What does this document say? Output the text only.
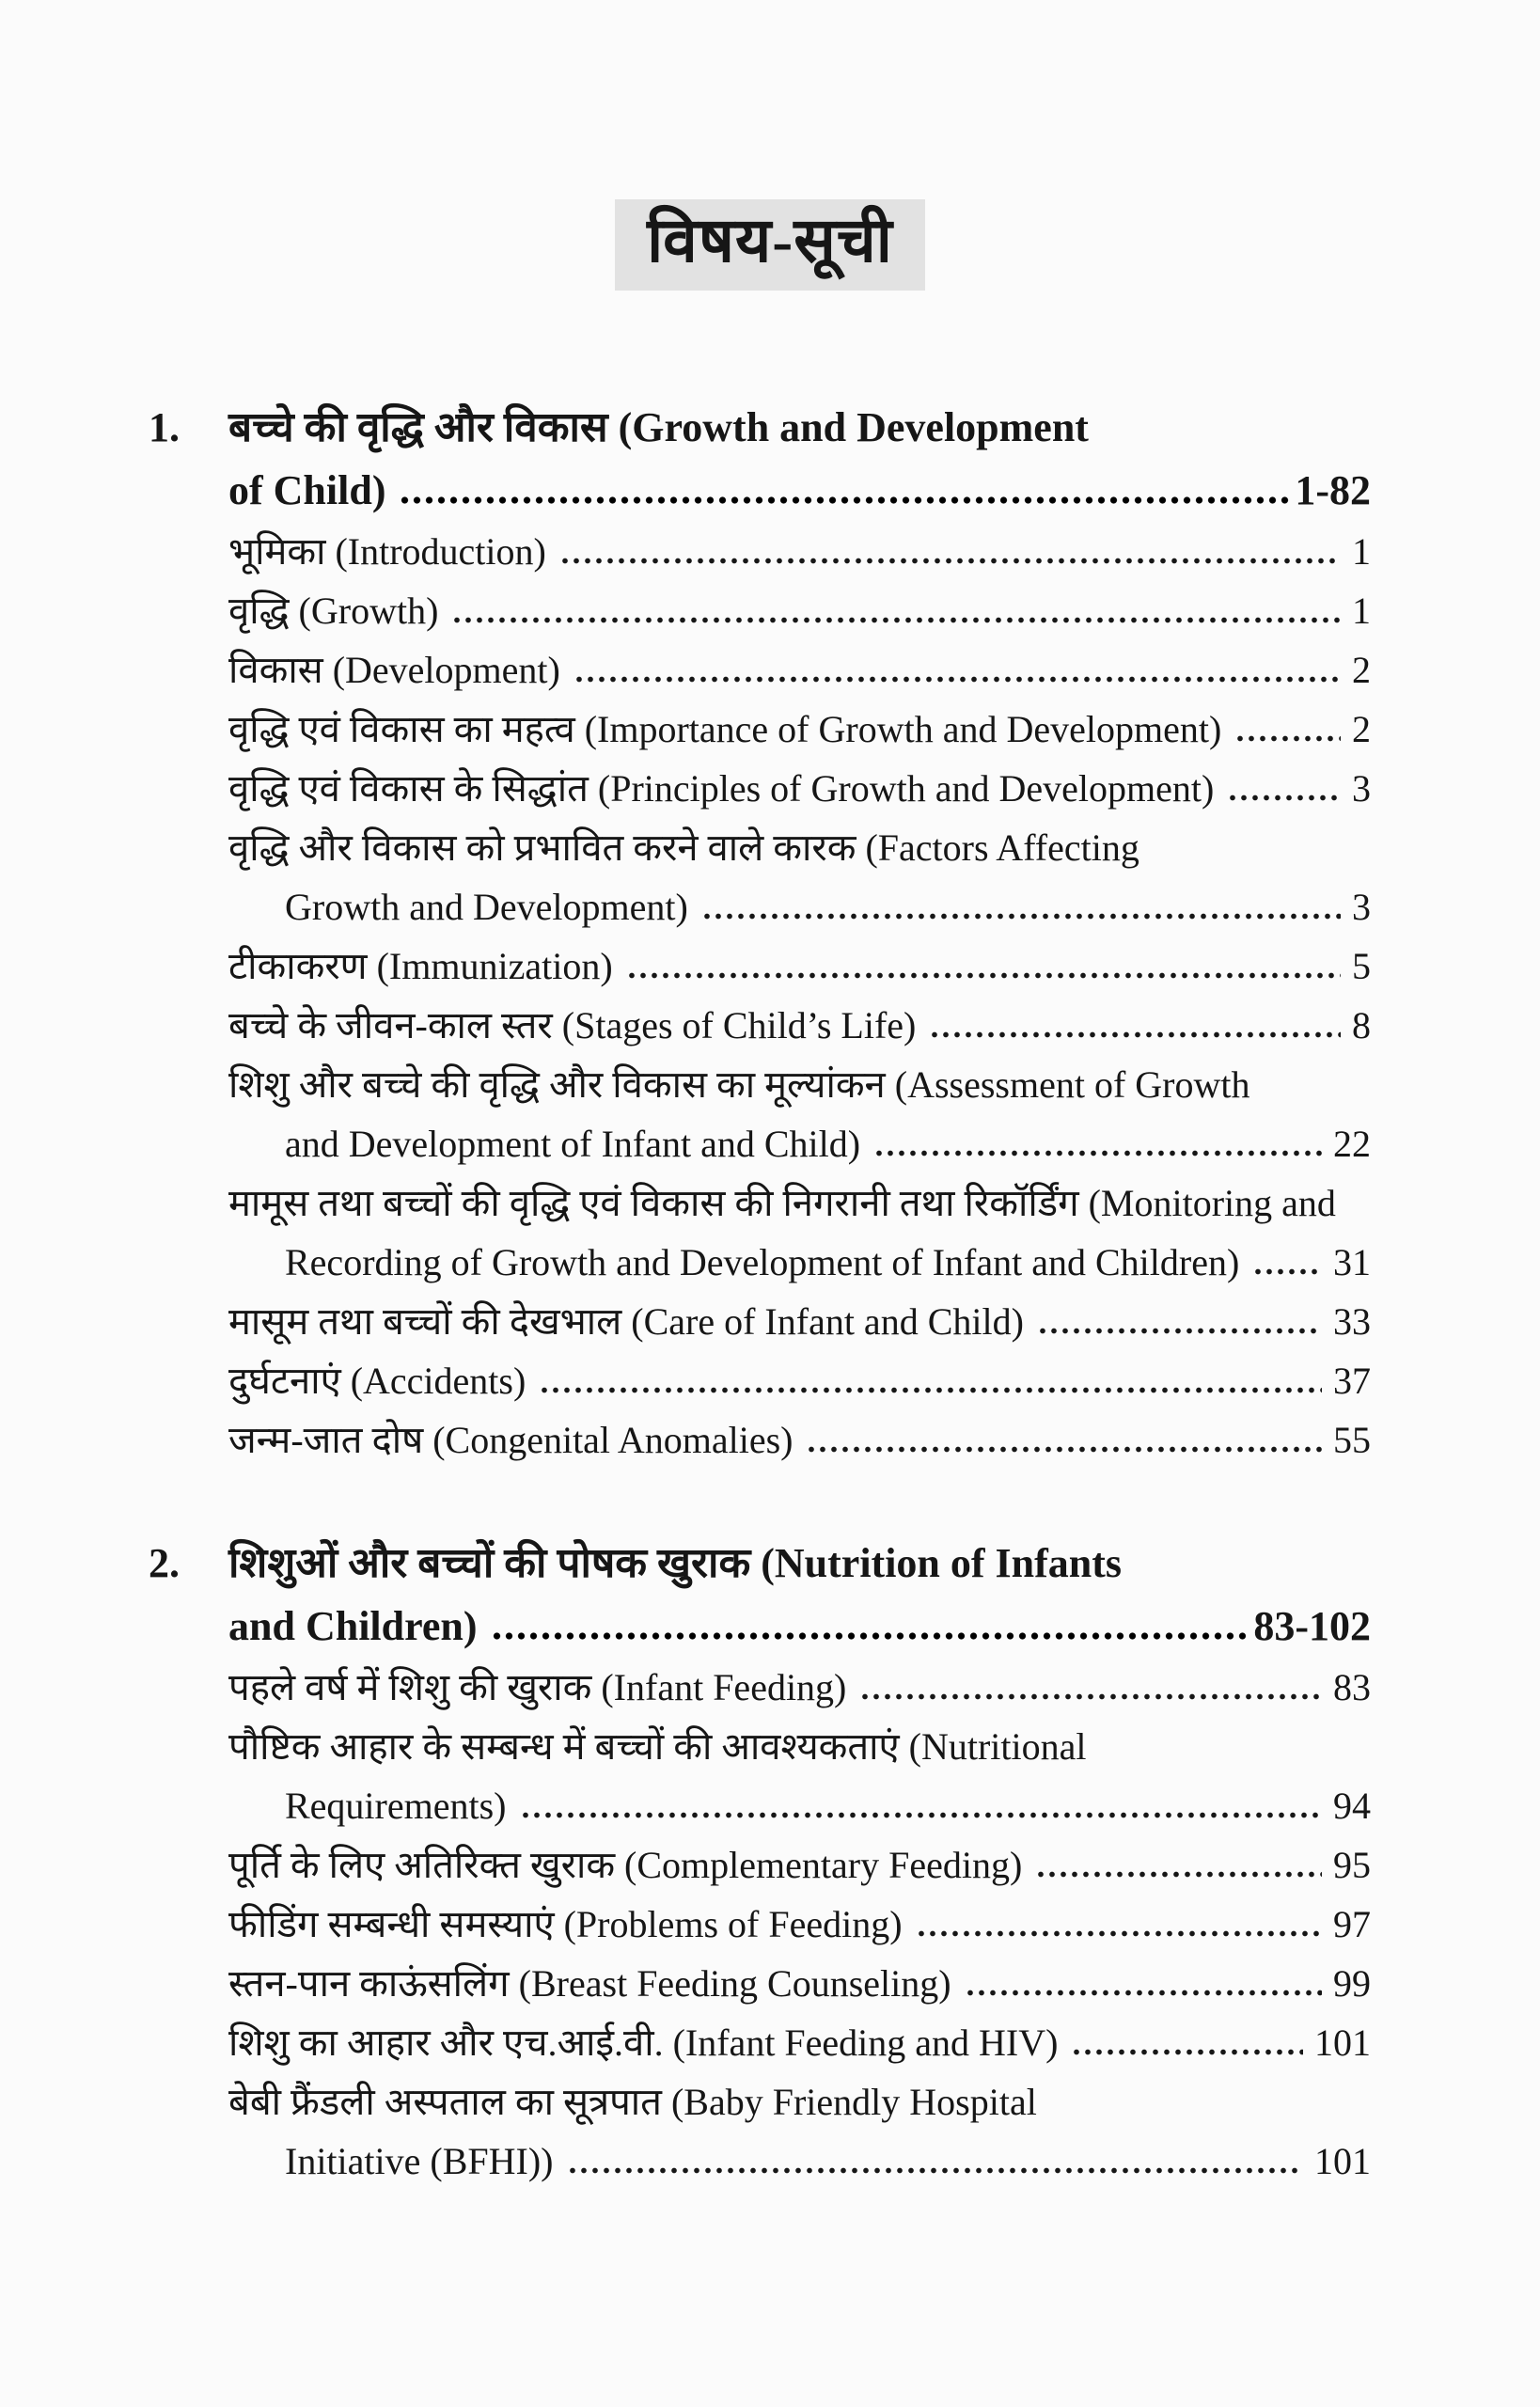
विषय-सूची
1. बच्चे की वृद्धि और विकास (Growth and Development
of Child)	1-82
भूमिका (Introduction)	1
वृद्धि (Growth)	1
विकास (Development)	2
वृद्धि एवं विकास का महत्व (Importance of Growth and Development)	2
वृद्धि एवं विकास के सिद्धांत (Principles of Growth and Development)	3
वृद्धि और विकास को प्रभावित करने वाले कारक (Factors Affecting
Growth and Development)	3
टीकाकरण (Immunization)	5
बच्चे के जीवन-काल स्तर (Stages of Child’s Life)	8
शिशु और बच्चे की वृद्धि और विकास का मूल्यांकन (Assessment of Growth
and Development of Infant and Child)	22
मामूस तथा बच्चों की वृद्धि एवं विकास की निगरानी तथा रिकॉर्डिंग (Monitoring and
Recording of Growth and Development of Infant and Children) 31
मासूम तथा बच्चों की देखभाल (Care of Infant and Child)	33
दुर्घटनाएं (Accidents)	37
जन्म-जात दोष (Congenital Anomalies)	55
2. शिशुओं और बच्चों की पोषक खुराक (Nutrition of Infants
and Children)	83-102
पहले वर्ष में शिशु की खुराक (Infant Feeding)	83
पौष्टिक आहार के सम्बन्ध में बच्चों की आवश्यकताएं (Nutritional
Requirements)	94
पूर्ति के लिए अतिरिक्त खुराक (Complementary Feeding)	95
फीडिंग सम्बन्धी समस्याएं (Problems of Feeding)	97
स्तन-पान काऊंसलिंग (Breast Feeding Counseling)	99
शिशु का आहार और एच.आई.वी. (Infant Feeding and HIV)	101
बेबी फ्रैंडली अस्पताल का सूत्रपात (Baby Friendly Hospital
Initiative (BFHI))	101
